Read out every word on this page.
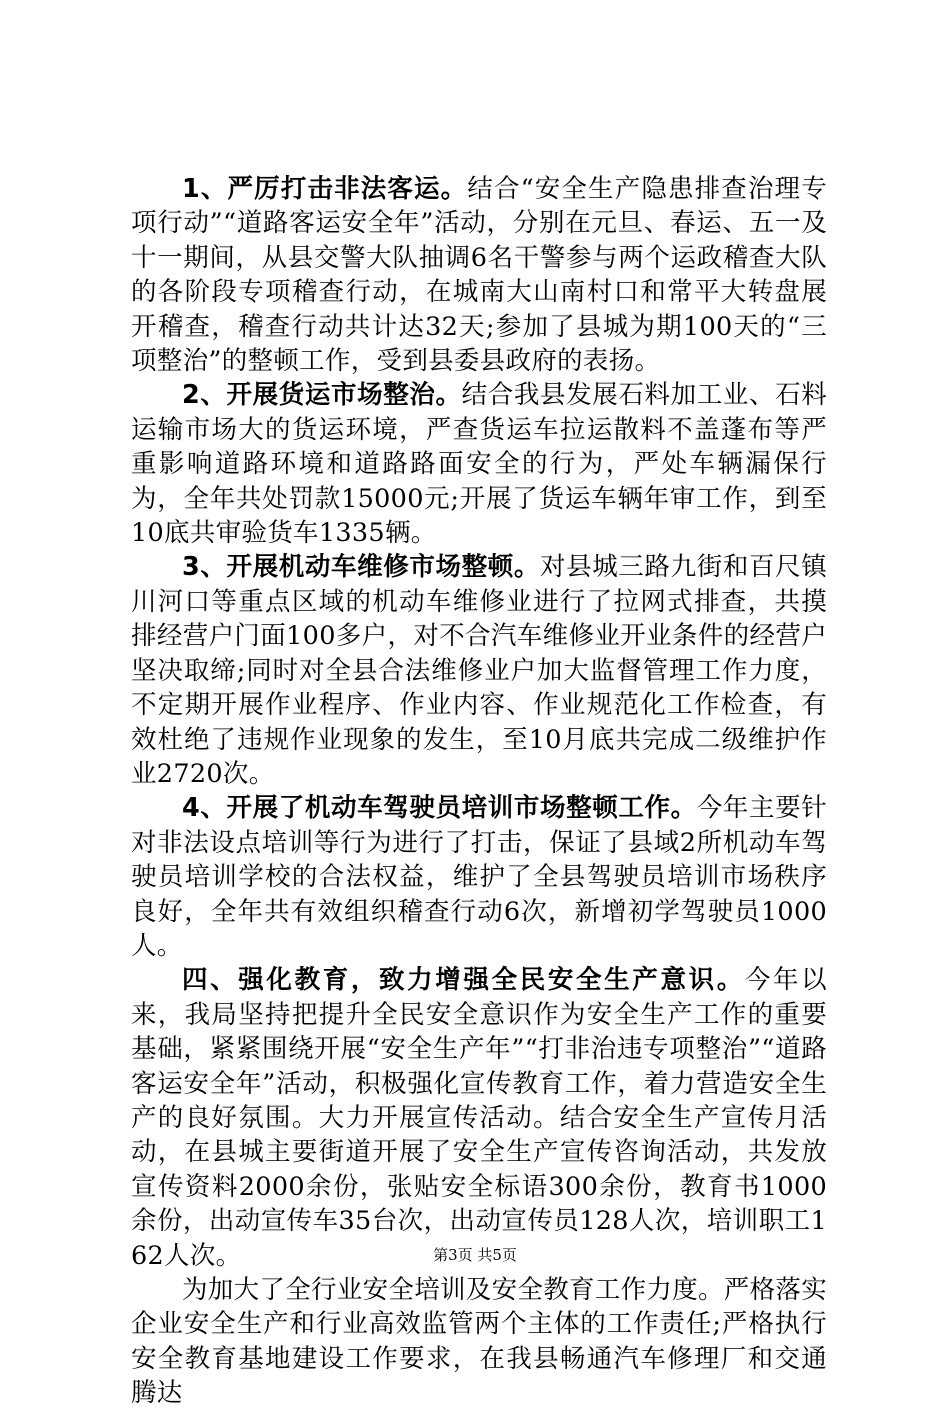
1、严厉打击非法客运。结合“安全生产隐患排查治理专项行动”“道路客运安全年”活动，分别在元旦、春运、五一及十一期间，从县交警大队抽调6名干警参与两个运政稽查大队的各阶段专项稽查行动，在城南大山南村口和常平大转盘展开稽查，稽查行动共计达32天;参加了县城为期100天的“三项整治”的整顿工作，受到县委县政府的表扬。

2、开展货运市场整治。结合我县发展石料加工业、石料运输市场大的货运环境，严查货运车拉运散料不盖蓬布等严重影响道路环境和道路路面安全的行为，严处车辆漏保行为，全年共处罚款15000元;开展了货运车辆年审工作，到至10底共审验货车1335辆。

3、开展机动车维修市场整顿。对县城三路九街和百尺镇川河口等重点区域的机动车维修业进行了拉网式排查，共摸排经营户门面100多户，对不合汽车维修业开业条件的经营户坚决取缔;同时对全县合法维修业户加大监督管理工作力度，不定期开展作业程序、作业内容、作业规范化工作检查，有效杜绝了违规作业现象的发生，至10月底共完成二级维护作业2720次。

4、开展了机动车驾驶员培训市场整顿工作。今年主要针对非法设点培训等行为进行了打击，保证了县域2所机动车驾驶员培训学校的合法权益，维护了全县驾驶员培训市场秩序良好，全年共有效组织稽查行动6次，新增初学驾驶员1000人。

四、强化教育，致力增强全民安全生产意识。今年以来，我局坚持把提升全民安全意识作为安全生产工作的重要基础，紧紧围绕开展“安全生产年”“打非治违专项整治”“道路客运安全年”活动，积极强化宣传教育工作，着力营造安全生产的良好氛围。大力开展宣传活动。结合安全生产宣传月活动，在县城主要街道开展了安全生产宣传咨询活动，共发放宣传资料2000余份，张贴安全标语300余份，教育书1000余份，出动宣传车35台次，出动宣传员128人次，培训职工162人次。

为加大了全行业安全培训及安全教育工作力度。严格落实企业安全生产和行业高效监管两个主体的工作责任;严格执行安全教育基地建设工作要求，在我县畅通汽车修理厂和交通腾达

第3页 共5页
